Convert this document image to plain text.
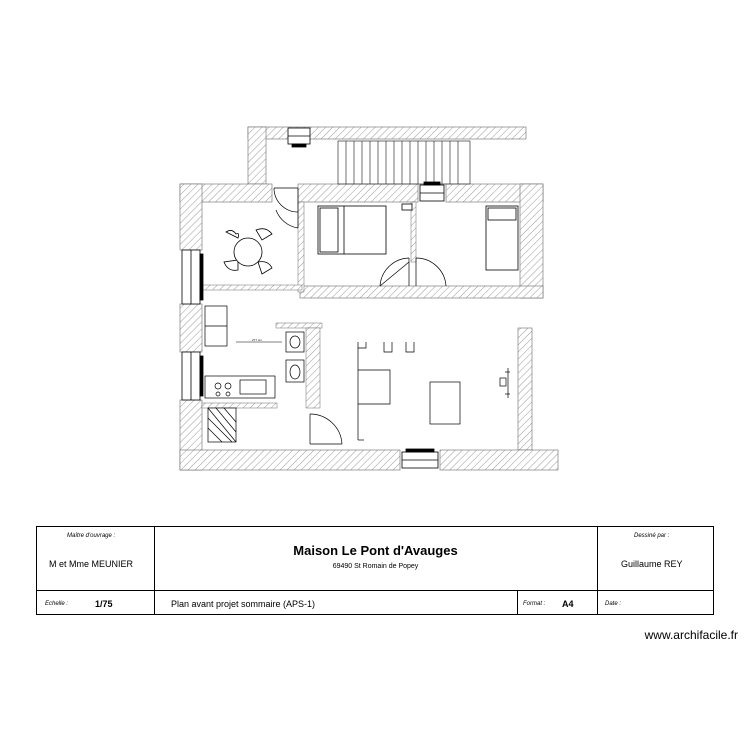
277 cm
Maître d'ouvrage :
M et Mme MEUNIER
Maison Le Pont d'Avauges
69490 St Romain de Popey
Dessiné par :
Guillaume REY
Echelle :	1/75	Plan avant projet sommaire (APS-1)	Format : A4	Date :
www.archifacile.fr
